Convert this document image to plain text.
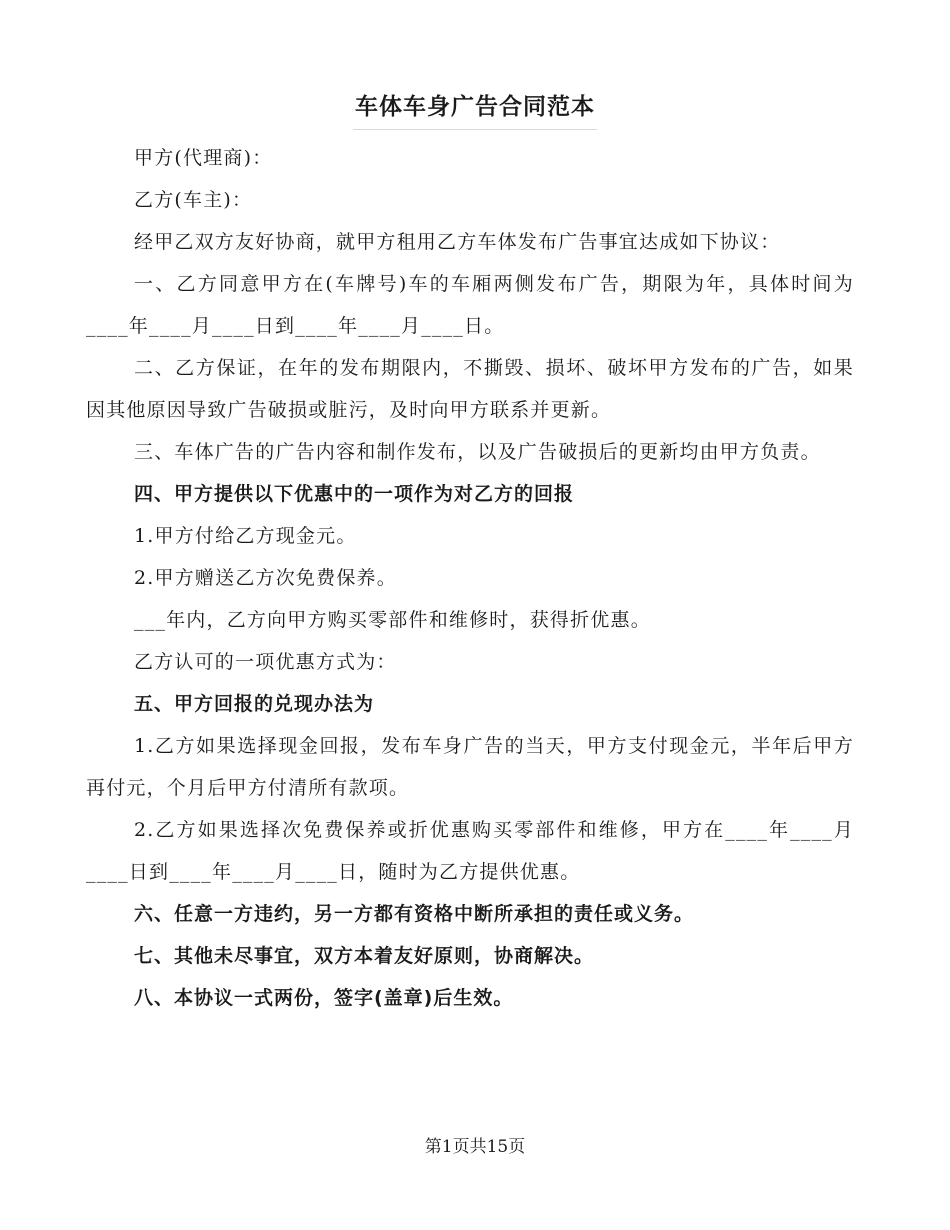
车体车身广告合同范本

甲方(代理商)：

乙方(车主)：

经甲乙双方友好协商，就甲方租用乙方车体发布广告事宜达成如下协议：

一、乙方同意甲方在(车牌号)车的车厢两侧发布广告，期限为年，具体时间为____年____月____日到____年____月____日。

二、乙方保证，在年的发布期限内，不撕毁、损坏、破坏甲方发布的广告，如果因其他原因导致广告破损或脏污，及时向甲方联系并更新。

三、车体广告的广告内容和制作发布，以及广告破损后的更新均由甲方负责。

四、甲方提供以下优惠中的一项作为对乙方的回报

1.甲方付给乙方现金元。

2.甲方赠送乙方次免费保养。

___年内，乙方向甲方购买零部件和维修时，获得折优惠。

乙方认可的一项优惠方式为：

五、甲方回报的兑现办法为

1.乙方如果选择现金回报，发布车身广告的当天，甲方支付现金元，半年后甲方再付元，个月后甲方付清所有款项。

2.乙方如果选择次免费保养或折优惠购买零部件和维修，甲方在____年____月____日到____年____月____日，随时为乙方提供优惠。

六、任意一方违约，另一方都有资格中断所承担的责任或义务。

七、其他未尽事宜，双方本着友好原则，协商解决。

八、本协议一式两份，签字(盖章)后生效。

第1页共15页
